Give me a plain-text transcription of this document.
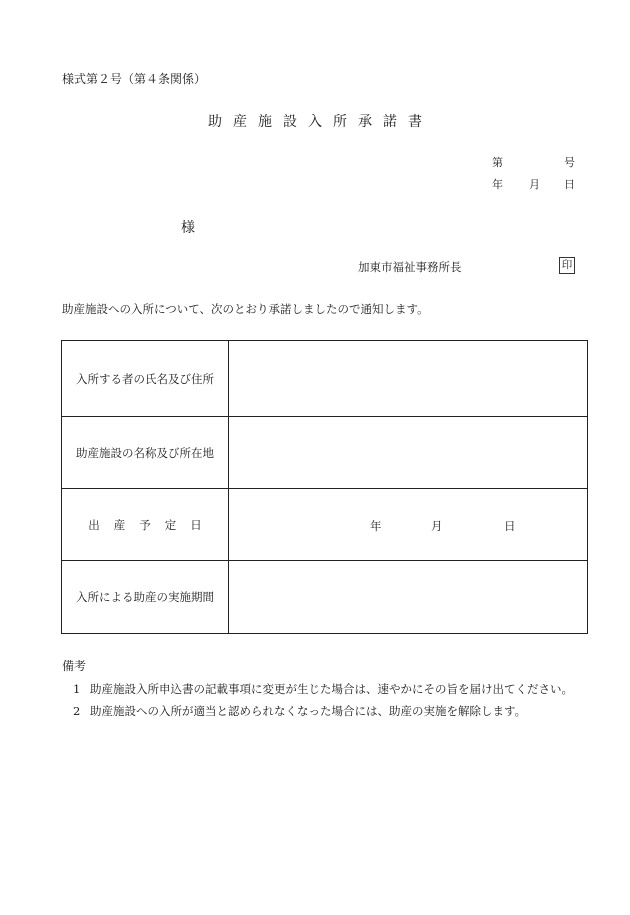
様式第２号（第４条関係）
助産施設入所承諾書
第	号
年 月 日
様
加東市福祉事務所長	印
助産施設への入所について、次のとおり承諾しましたので通知します。
入所する者の氏名及び住所	
助産施設の名称及び所在地	
出産予定日	年 月 日

入所による助産の実施期間	
備考
1 助産施設入所申込書の記載事項に変更が生じた場合は、速やかにその旨を届け出てください。
2 助産施設への入所が適当と認められなくなった場合には、助産の実施を解除します。
